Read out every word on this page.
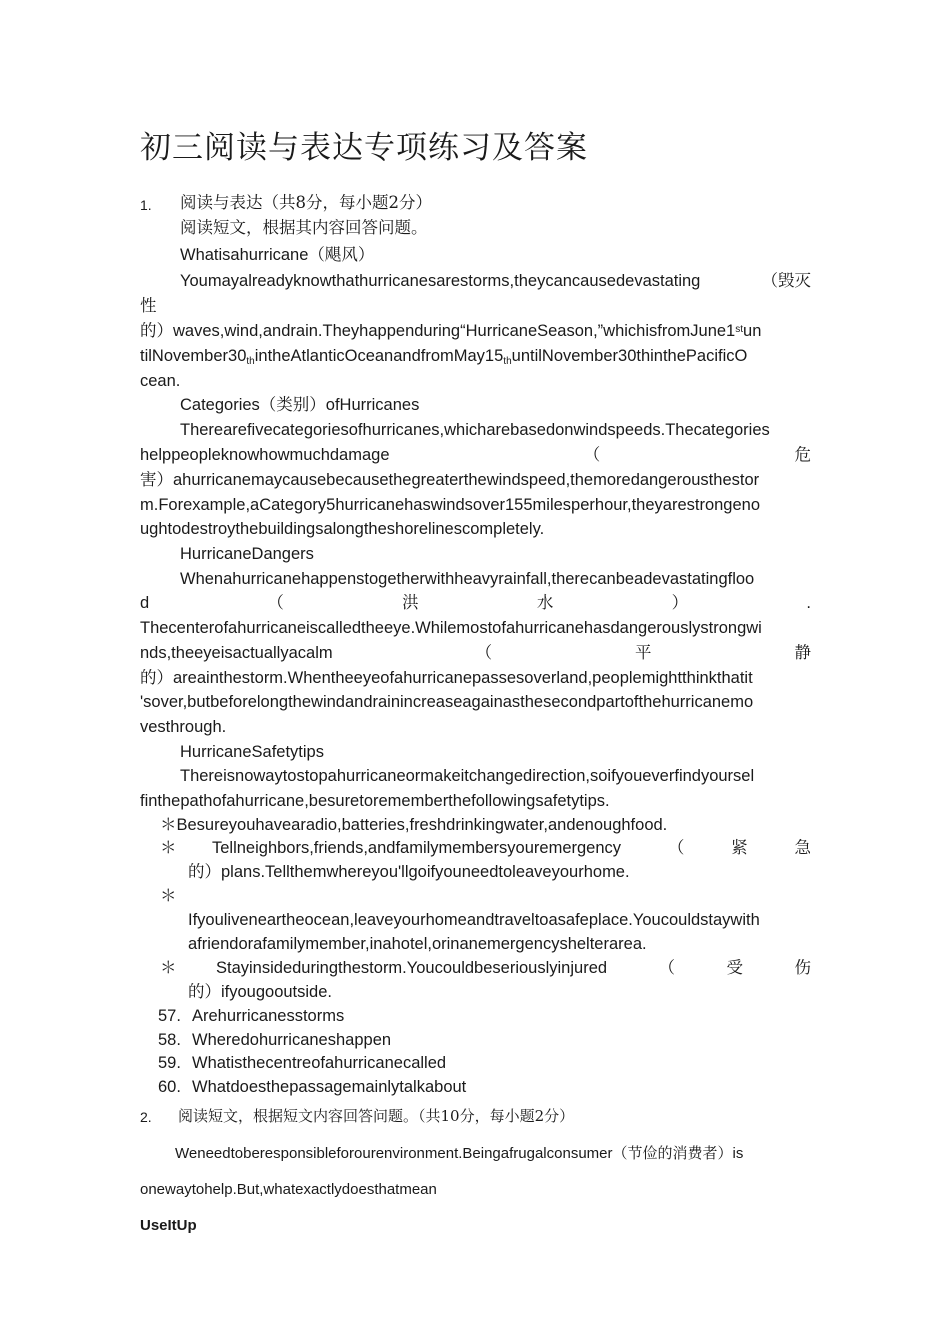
初三阅读与表达专项练习及答案
1. 阅读与表达（共8分，每小题2分）
阅读短文，根据其内容回答问题。
Whatisahurricane（飓风）
Youmayalreadyknowthathurricanesarestorms,theycancausedevastating	（毁灭
性
的）waves,wind,andrain.Theyhappenduring“HurricaneSeason,”whichisfromJune1stun
tilNovember30thintheAtlanticOceanandfromMay15thuntilNovember30thinthePacificO
cean.
Categories（类别）ofHurricanes
Therearefivecategoriesofhurricanes,whicharebasedonwindspeeds.Thecategories
helppeopleknowhowmuchdamage	（	危
害）ahurricanemaycausebecausethegreaterthewindspeed,themoredangerousthestor
m.Forexample,aCategory5hurricanehaswindsover155milesperhour,theyarestrongeno
ughtodestroythebuildingsalongtheshorelinescompletely.
HurricaneDangers
Whenahurricanehappenstogetherwithheavyrainfall,therecanbeadevastatingfloo
d	（	洪	水	）	.
Thecenterofahurricaneiscalledtheeye.Whilemostofahurricanehasdangerouslystrongwi
nds,theeyeisactuallyacalm	（	平	静
的）areainthestorm.Whentheeyeofahurricanepassesoverland,peoplemightthinkthatit
'sover,butbeforelongthewindandrainincreaseagainasthesecondpartofthehurricanemo
vesthrough.
HurricaneSafetytips
Thereisnowaytostopahurricaneormakeitchangedirection,soifyoueverfindyoursel
finthepathofahurricane,besuretorememberthefollowingsafetytips.
＊Besureyouhavearadio,batteries,freshdrinkingwater,andenoughfood.
＊ Tellneighbors,friends,andfamilymembersyouremergency	（	紧	急
的）plans.Tellthemwhereyou'llgoifyouneedtoleaveyourhome.
＊
Ifyouliveneartheocean,leaveyourhomeandtraveltoasafeplace.Youcouldstaywith
afriendorafamilymember,inahotel,orinanemergencyshelterarea.
＊ Stayinsideduringthestorm.Youcouldbeseriouslyinjured	（	受	伤
的）ifyougooutside.
57. Arehurricanesstorms
58. Wheredohurricaneshappen
59. Whatisthecentreofahurricanecalled
60. Whatdoesthepassagemainlytalkabout
2. 阅读短文，根据短文内容回答问题。（共10分，每小题2分）
Weneedtoberesponsibleforourenvironment.Beingafrugalconsumer（节俭的消费者）is
onewaytohelp.But,whatexactlydoesthatmean
UseItUp
